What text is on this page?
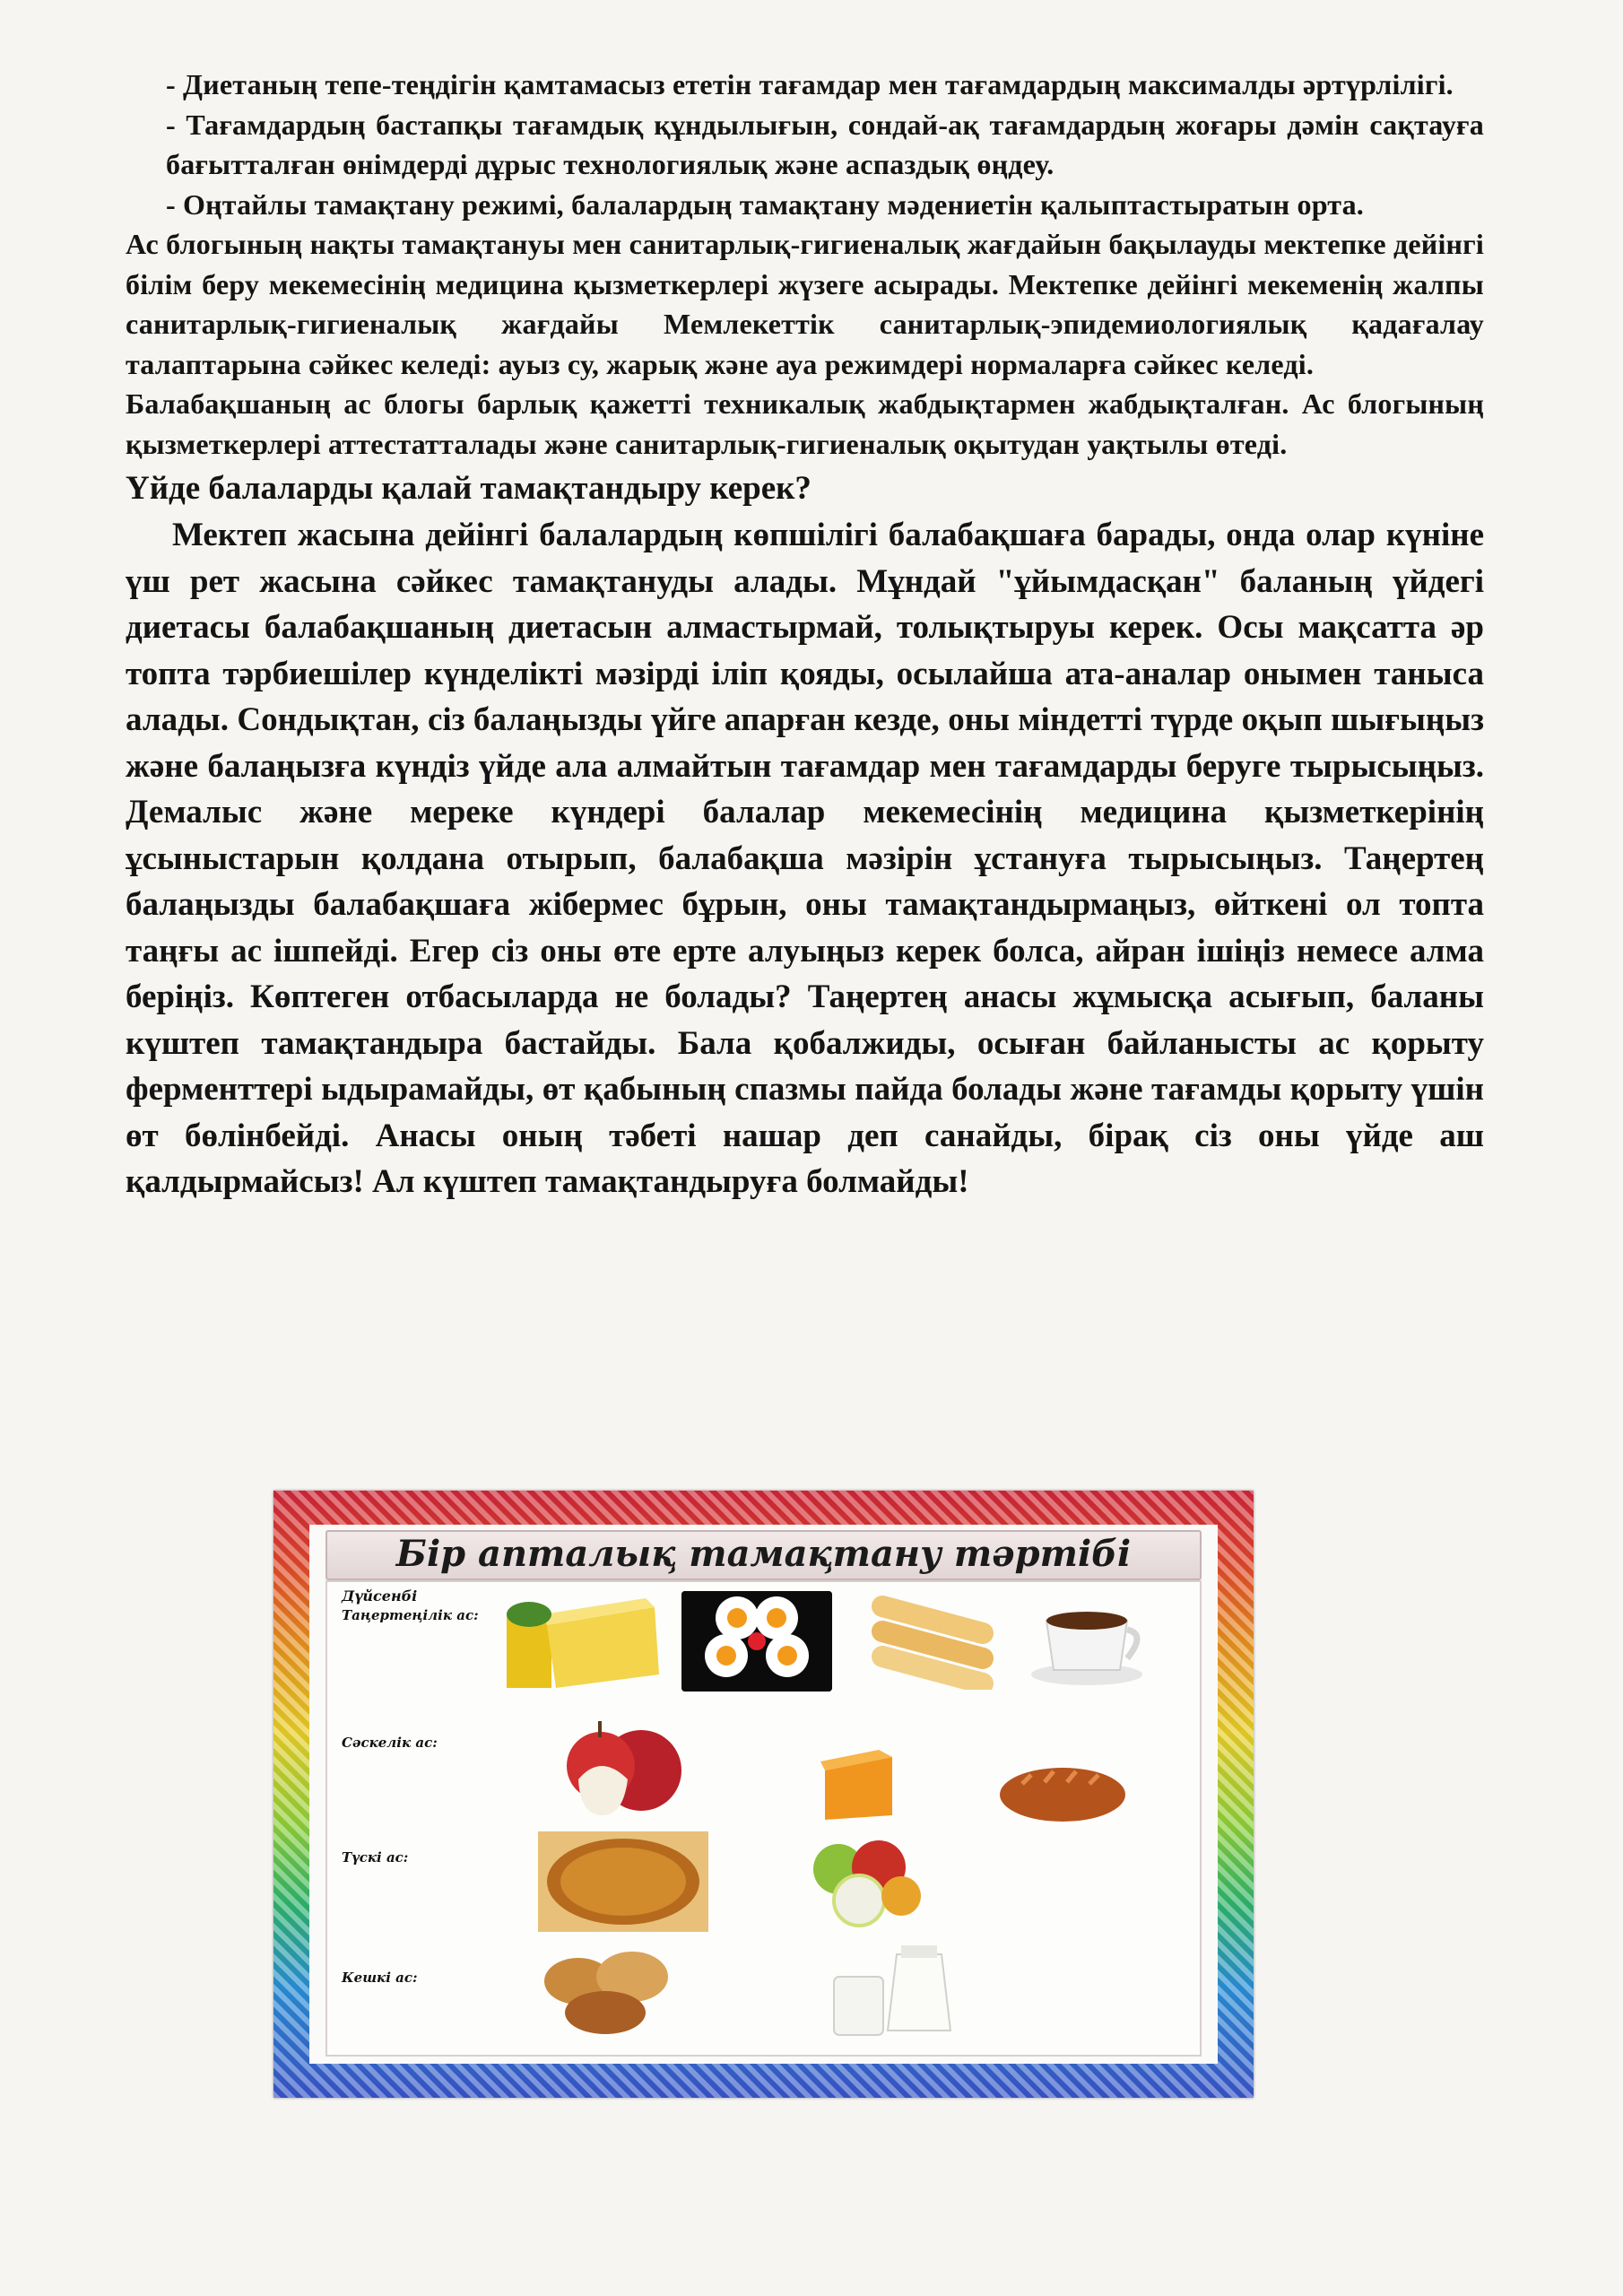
- Диетаның тепе-теңдігін қамтамасыз ететін тағамдар мен тағамдардың максималды әртүрлілігі.

- Тағамдардың бастапқы тағамдық құндылығын, сондай-ақ тағамдардың жоғары дәмін сақтауға бағытталған өнімдерді дұрыс технологиялық және аспаздық өңдеу.

- Оңтайлы тамақтану режимі, балалардың тамақтану мәдениетін қалыптастыратын орта.

Ас блогының нақты тамақтануы мен санитарлық-гигиеналық жағдайын бақылауды мектепке дейінгі білім беру мекемесінің медицина қызметкерлері жүзеге асырады. Мектепке дейінгі мекеменің жалпы санитарлық-гигиеналық жағдайы Мемлекеттік санитарлық-эпидемиологиялық қадағалау талаптарына сәйкес келеді: ауыз су, жарық және ауа режимдері нормаларға сәйкес келеді.

Балабақшаның ас блогы барлық қажетті техникалық жабдықтармен жабдықталған. Ас блогының қызметкерлері аттестатталады және санитарлық-гигиеналық оқытудан уақтылы өтеді.

Үйде балаларды қалай тамақтандыру керек?

Мектеп жасына дейінгі балалардың көпшілігі балабақшаға барады, онда олар күніне үш рет жасына сәйкес тамақтануды алады. Мұндай "ұйымдасқан" баланың үйдегі диетасы балабақшаның диетасын алмастырмай, толықтыруы керек. Осы мақсатта әр топта тәрбиешілер күнделікті мәзірді іліп қояды, осылайша ата-аналар онымен таныса алады. Сондықтан, сіз балаңызды үйге апарған кезде, оны міндетті түрде оқып шығыңыз және балаңызға күндіз үйде ала алмайтын тағамдар мен тағамдарды беруге тырысыңыз. Демалыс және мереке күндері балалар мекемесінің медицина қызметкерінің ұсыныстарын қолдана отырып, балабақша мәзірін ұстануға тырысыңыз. Таңертең балаңызды балабақшаға жібермес бұрын, оны тамақтандырмаңыз, өйткені ол топта таңғы ас ішпейді. Егер сіз оны өте ерте алуыңыз керек болса, айран ішіңіз немесе алма беріңіз. Көптеген отбасыларда не болады? Таңертең анасы жұмысқа асығып, баланы күштеп тамақтандыра бастайды. Бала қобалжиды, осыған байланысты ас қорыту ферменттері ыдырамайды, өт қабының спазмы пайда болады және тағамды қорыту үшін өт бөлінбейді. Анасы оның тәбеті нашар деп санайды, бірақ сіз оны үйде аш қалдырмайсыз! Ал күштеп тамақтандыруға болмайды!

Бір апталық тамақтану тәртібі
Дүйсенбі
Таңертеңілік ас:
Сәскелік ас:
Түскі ас:
Кешкі ас:
